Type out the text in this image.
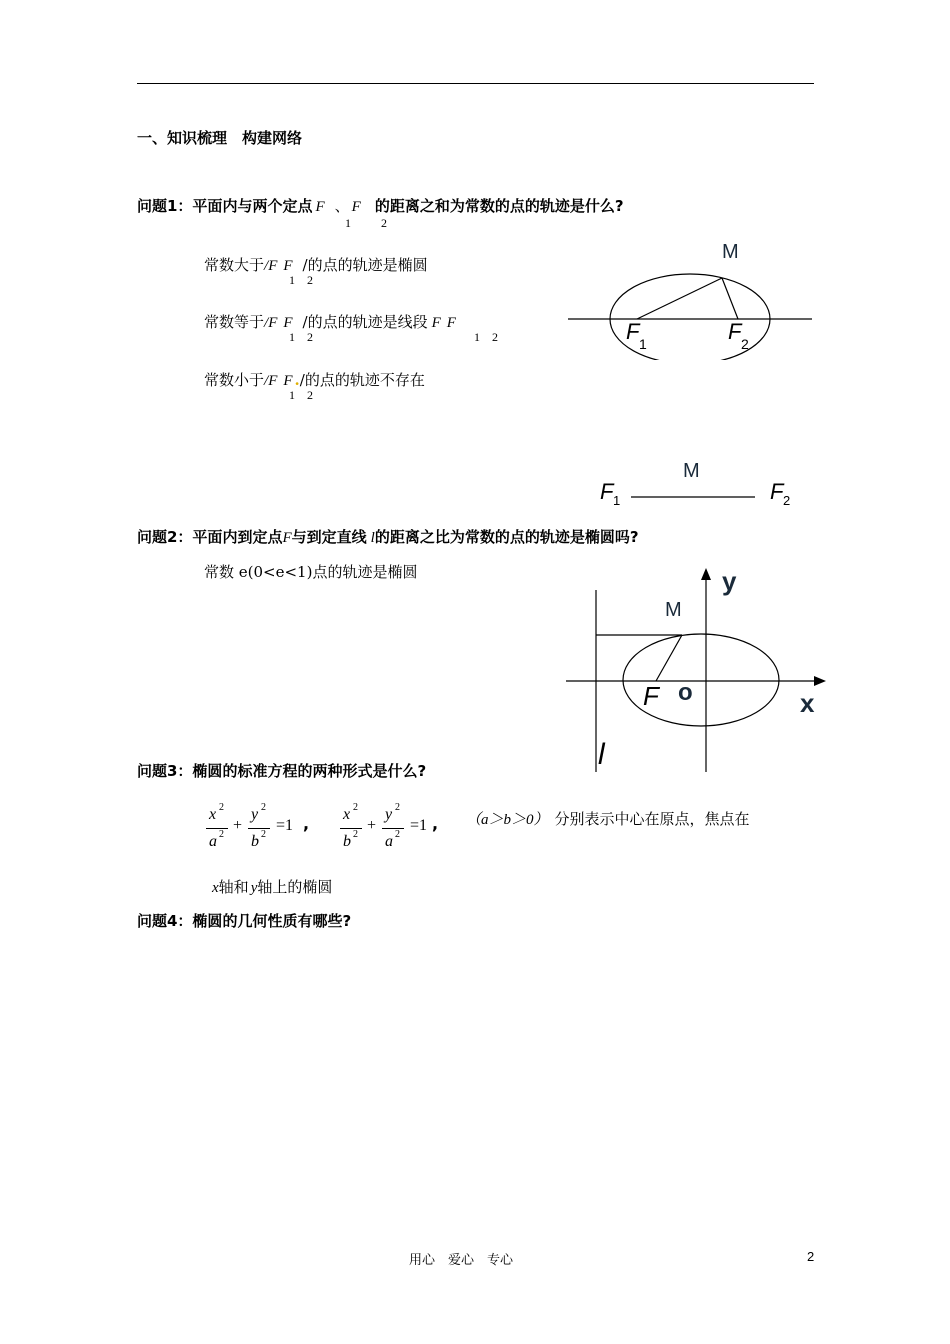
一、知识梳理　构建网络
问题1：平面内与两个定点 F 、 F 的距离之和为常数的点的轨迹是什么?
1	2
常数大于/F F /的点的轨迹是椭圆
1 2
常数等于/F F /的点的轨迹是线段 F F
1 2	1 2
常数小于/F F ./的点的轨迹不存在
1 2
M
F 1	F 2
M
F 1	F 2
问题2：平面内到定点F与到定直线 l的距离之比为常数的点的轨迹是椭圆吗?
常数 e(0<e<1)点的轨迹是椭圆	y
M
F o	x
l
问题3：椭圆的标准方程的两种形式是什么?
x 2
a 2
+
y 2
b 2
=1 , x 2
b 2
+
y 2
a 2
=1 , （a＞b＞0） 分别表示中心在原点，焦点在
x轴和 y轴上的椭圆
问题4：椭圆的几何性质有哪些?
用心　爱心　专心	2
